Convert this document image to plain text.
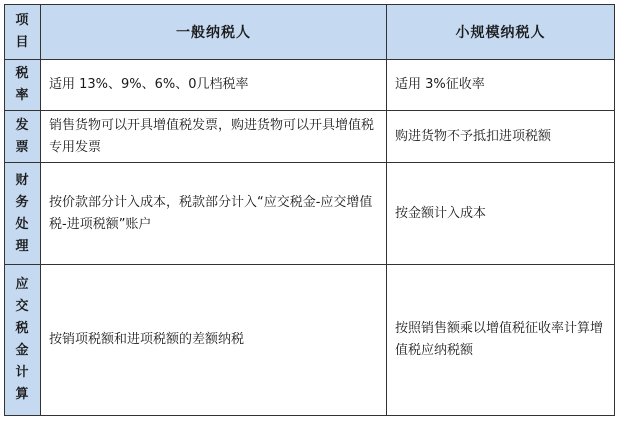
项目	一般纳税人	小规模纳税人
税率	适用 13%、9%、6%、0几档税率	适用 3%征收率
发票	销售货物可以开具增值税发票，购进货物可以开具增值税专用发票	购进货物不予抵扣进项税额
财务处理	按价款部分计入成本，税款部分计入“应交税金-应交增值税-进项税额”账户	按金额计入成本
应交税金计算	按销项税额和进项税额的差额纳税	按照销售额乘以增值税征收率计算增值税应纳税额
